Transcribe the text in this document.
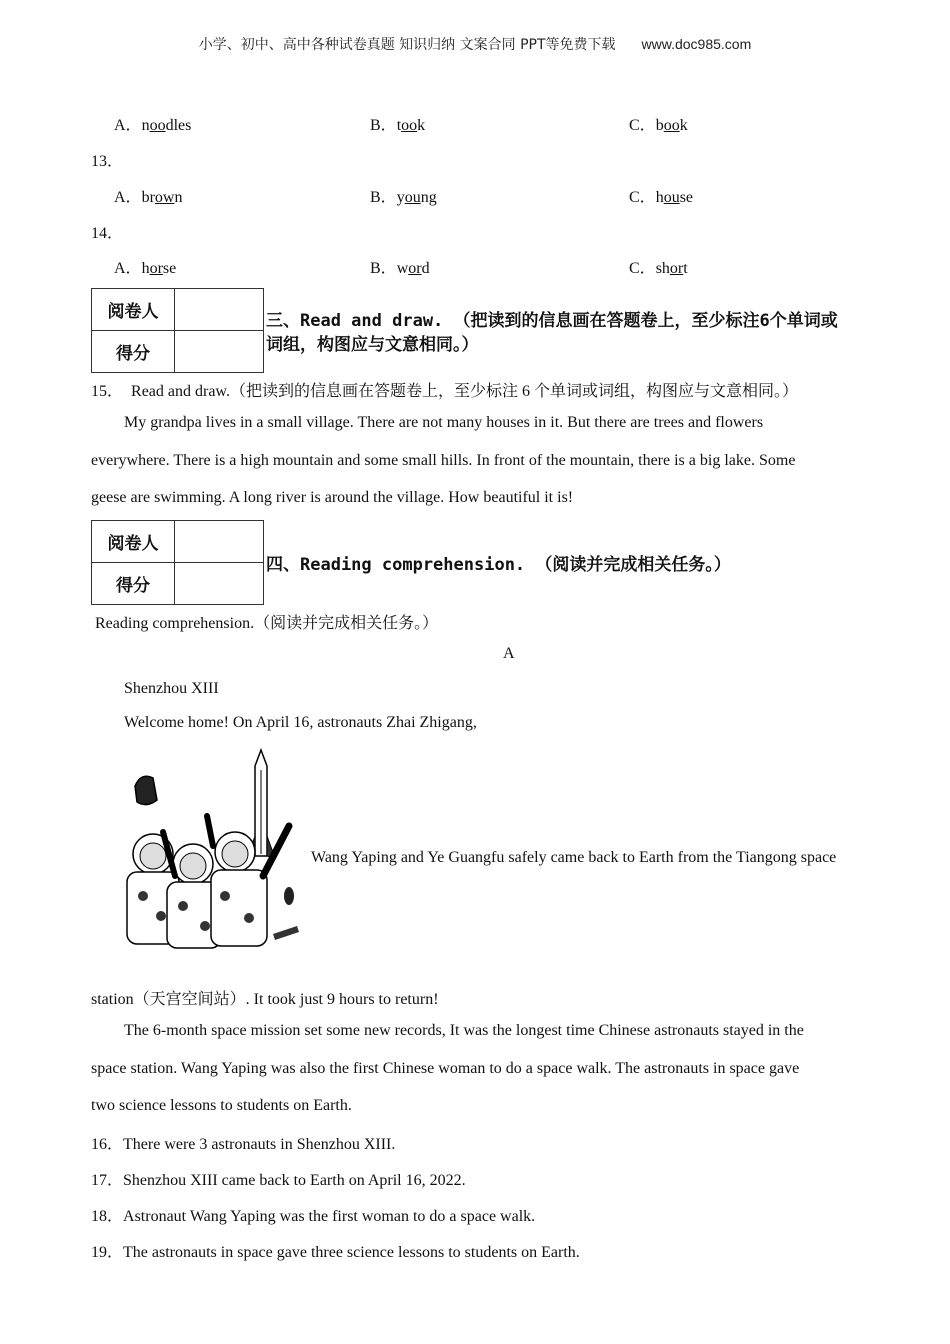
小学、初中、高中各种试卷真题 知识归纳 文案合同 PPT等免费下载 www.doc985.com
A．noodles	B．took	C．book
13．
A．brown	B．young	C．house
14．
A．horse	B．word	C．short
阅卷人	
得分	
三、Read and draw. （把读到的信息画在答题卷上，至少标注6个单词或
词组，构图应与文意相同。）
15． Read and draw.（把读到的信息画在答题卷上，至少标注 6 个单词或词组，构图应与文意相同。）
My grandpa lives in a small village. There are not many houses in it. But there are trees and flowers
everywhere. There is a high mountain and some small hills. In front of the mountain, there is a big lake. Some
geese are swimming. A long river is around the village. How beautiful it is!
阅卷人	
得分	
四、Reading comprehension. （阅读并完成相关任务。）
Reading comprehension.（阅读并完成相关任务。）
A
Shenzhou XIII
Welcome home! On April 16, astronauts Zhai Zhigang,
Wang Yaping and Ye Guangfu safely came back to Earth from the Tiangong space
station（天宫空间站）. It took just 9 hours to return!
The 6-month space mission set some new records, It was the longest time Chinese astronauts stayed in the
space station. Wang Yaping was also the first Chinese woman to do a space walk. The astronauts in space gave
two science lessons to students on Earth.
16．There were 3 astronauts in Shenzhou XIII.
17．Shenzhou XIII came back to Earth on April 16, 2022.
18．Astronaut Wang Yaping was the first woman to do a space walk.
19．The astronauts in space gave three science lessons to students on Earth.
